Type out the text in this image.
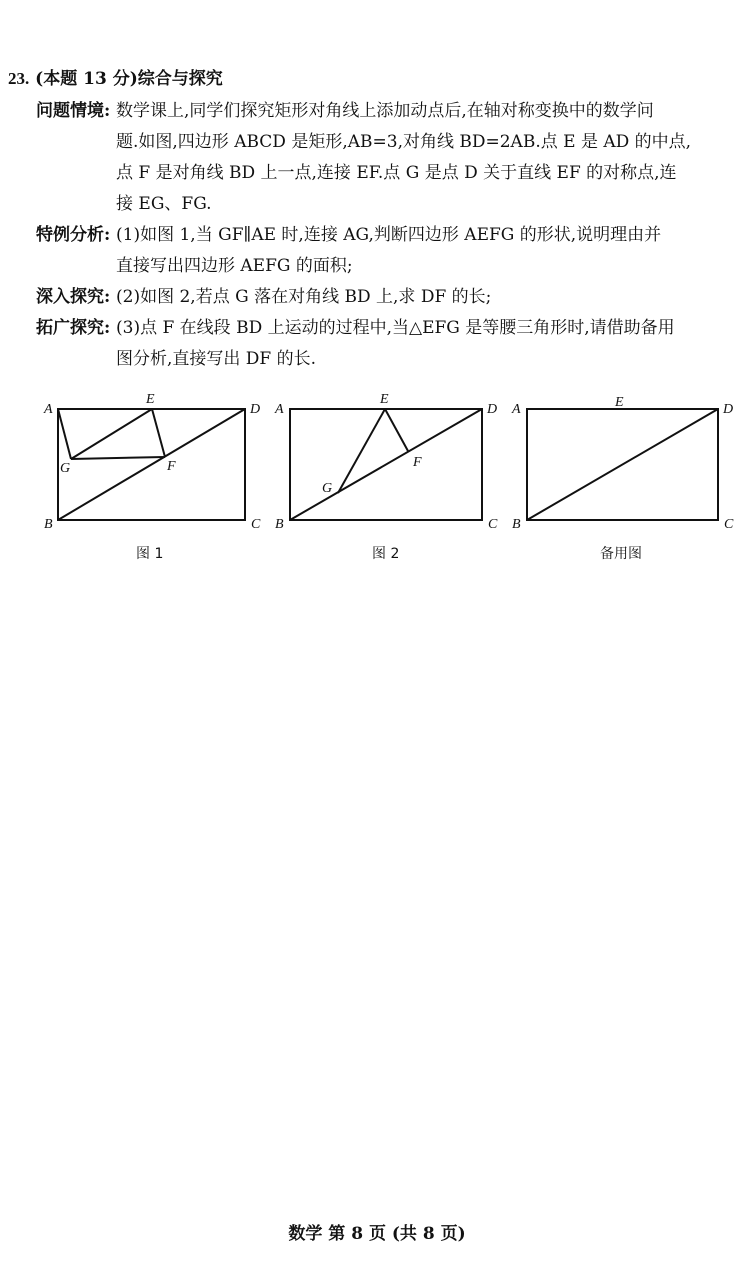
23. (本题 13 分)综合与探究
问题情境: 数学课上,同学们探究矩形对角线上添加动点后,在轴对称变换中的数学问
题.如图,四边形 ABCD 是矩形,AB=3,对角线 BD=2AB.点 E 是 AD 的中点,
点 F 是对角线 BD 上一点,连接 EF.点 G 是点 D 关于直线 EF 的对称点,连
接 EG、FG.
特例分析: (1)如图 1,当 GF∥AE 时,连接 AG,判断四边形 AEFG 的形状,说明理由并
直接写出四边形 AEFG 的面积;
深入探究: (2)如图 2,若点 G 落在对角线 BD 上,求 DF 的长;
拓广探究: (3)点 F 在线段 BD 上运动的过程中,当△EFG 是等腰三角形时,请借助备用
图分析,直接写出 DF 的长.
A	D
E
G	F
B	C
图 1
A	D
E
F
G
B	C
图 2
A	D
E
B	C
备用图
数学 第 8 页 (共 8 页)
